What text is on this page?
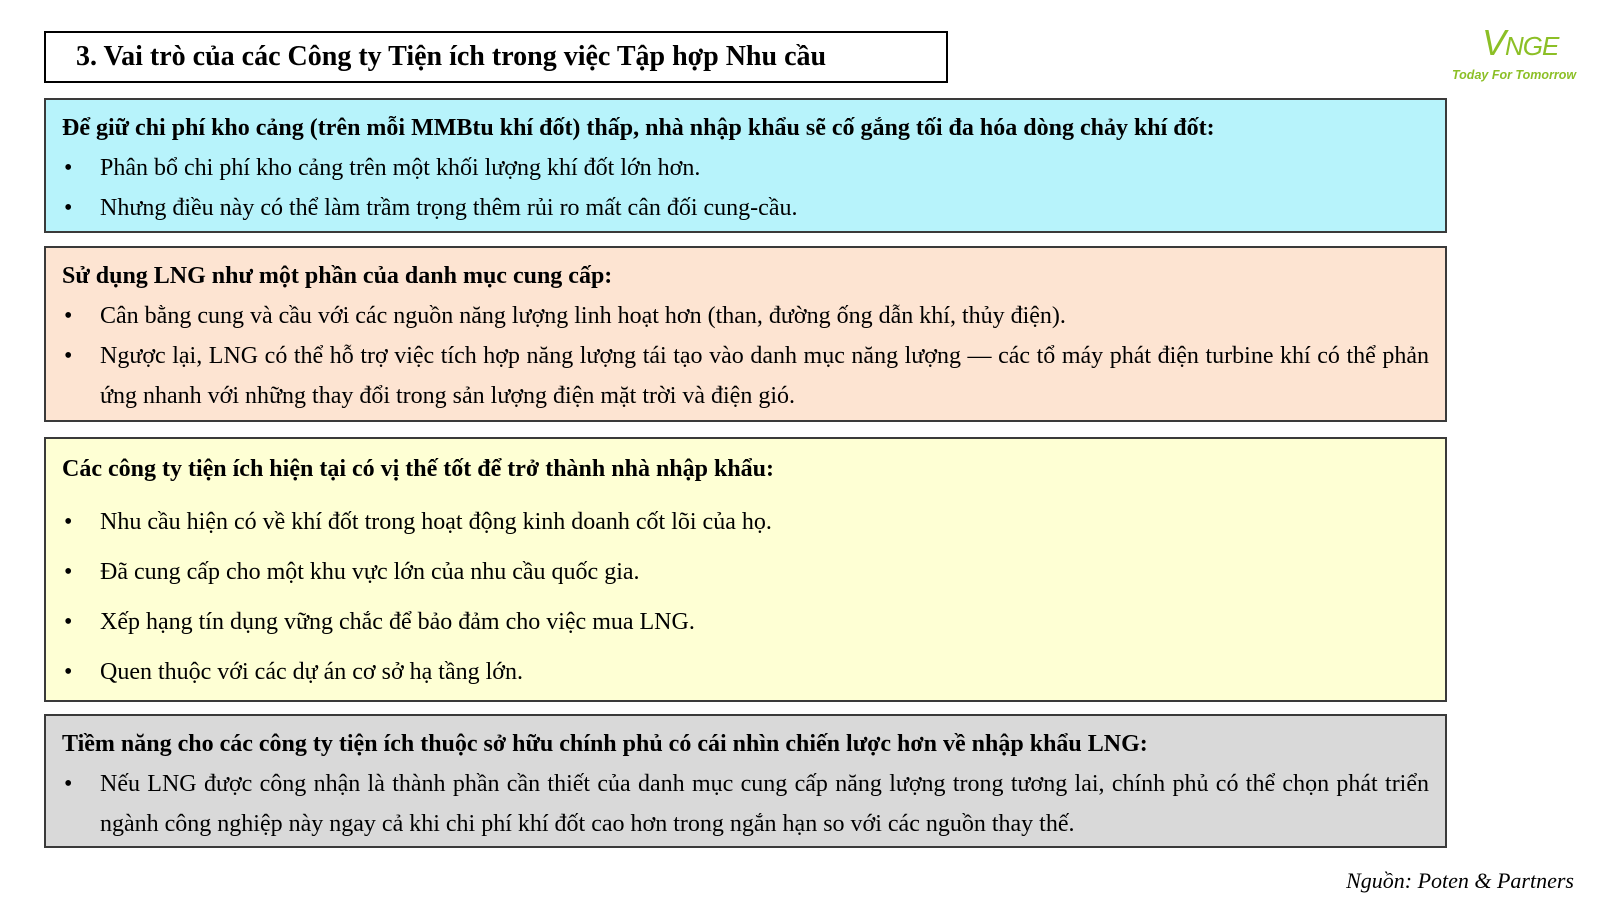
3. Vai trò của các Công ty Tiện ích trong việc Tập hợp Nhu cầu	VNGE
Today For Tomorrow

Để giữ chi phí kho cảng (trên mỗi MMBtu khí đốt) thấp, nhà nhập khẩu sẽ cố gắng tối đa hóa dòng chảy khí đốt:

• Phân bổ chi phí kho cảng trên một khối lượng khí đốt lớn hơn.
• Nhưng điều này có thể làm trầm trọng thêm rủi ro mất cân đối cung-cầu.

Sử dụng LNG như một phần của danh mục cung cấp:

• Cân bằng cung và cầu với các nguồn năng lượng linh hoạt hơn (than, đường ống dẫn khí, thủy điện).
• Ngược lại, LNG có thể hỗ trợ việc tích hợp năng lượng tái tạo vào danh mục năng lượng — các tổ máy phát điện turbine khí có thể phản ứng nhanh với những thay đổi trong sản lượng điện mặt trời và điện gió.

Các công ty tiện ích hiện tại có vị thế tốt để trở thành nhà nhập khẩu:

• Nhu cầu hiện có về khí đốt trong hoạt động kinh doanh cốt lõi của họ.
• Đã cung cấp cho một khu vực lớn của nhu cầu quốc gia.
• Xếp hạng tín dụng vững chắc để bảo đảm cho việc mua LNG.
• Quen thuộc với các dự án cơ sở hạ tầng lớn.

Tiềm năng cho các công ty tiện ích thuộc sở hữu chính phủ có cái nhìn chiến lược hơn về nhập khẩu LNG:

• Nếu LNG được công nhận là thành phần cần thiết của danh mục cung cấp năng lượng trong tương lai, chính phủ có thể chọn phát triển ngành công nghiệp này ngay cả khi chi phí khí đốt cao hơn trong ngắn hạn so với các nguồn thay thế.
Nguồn: Poten & Partners
